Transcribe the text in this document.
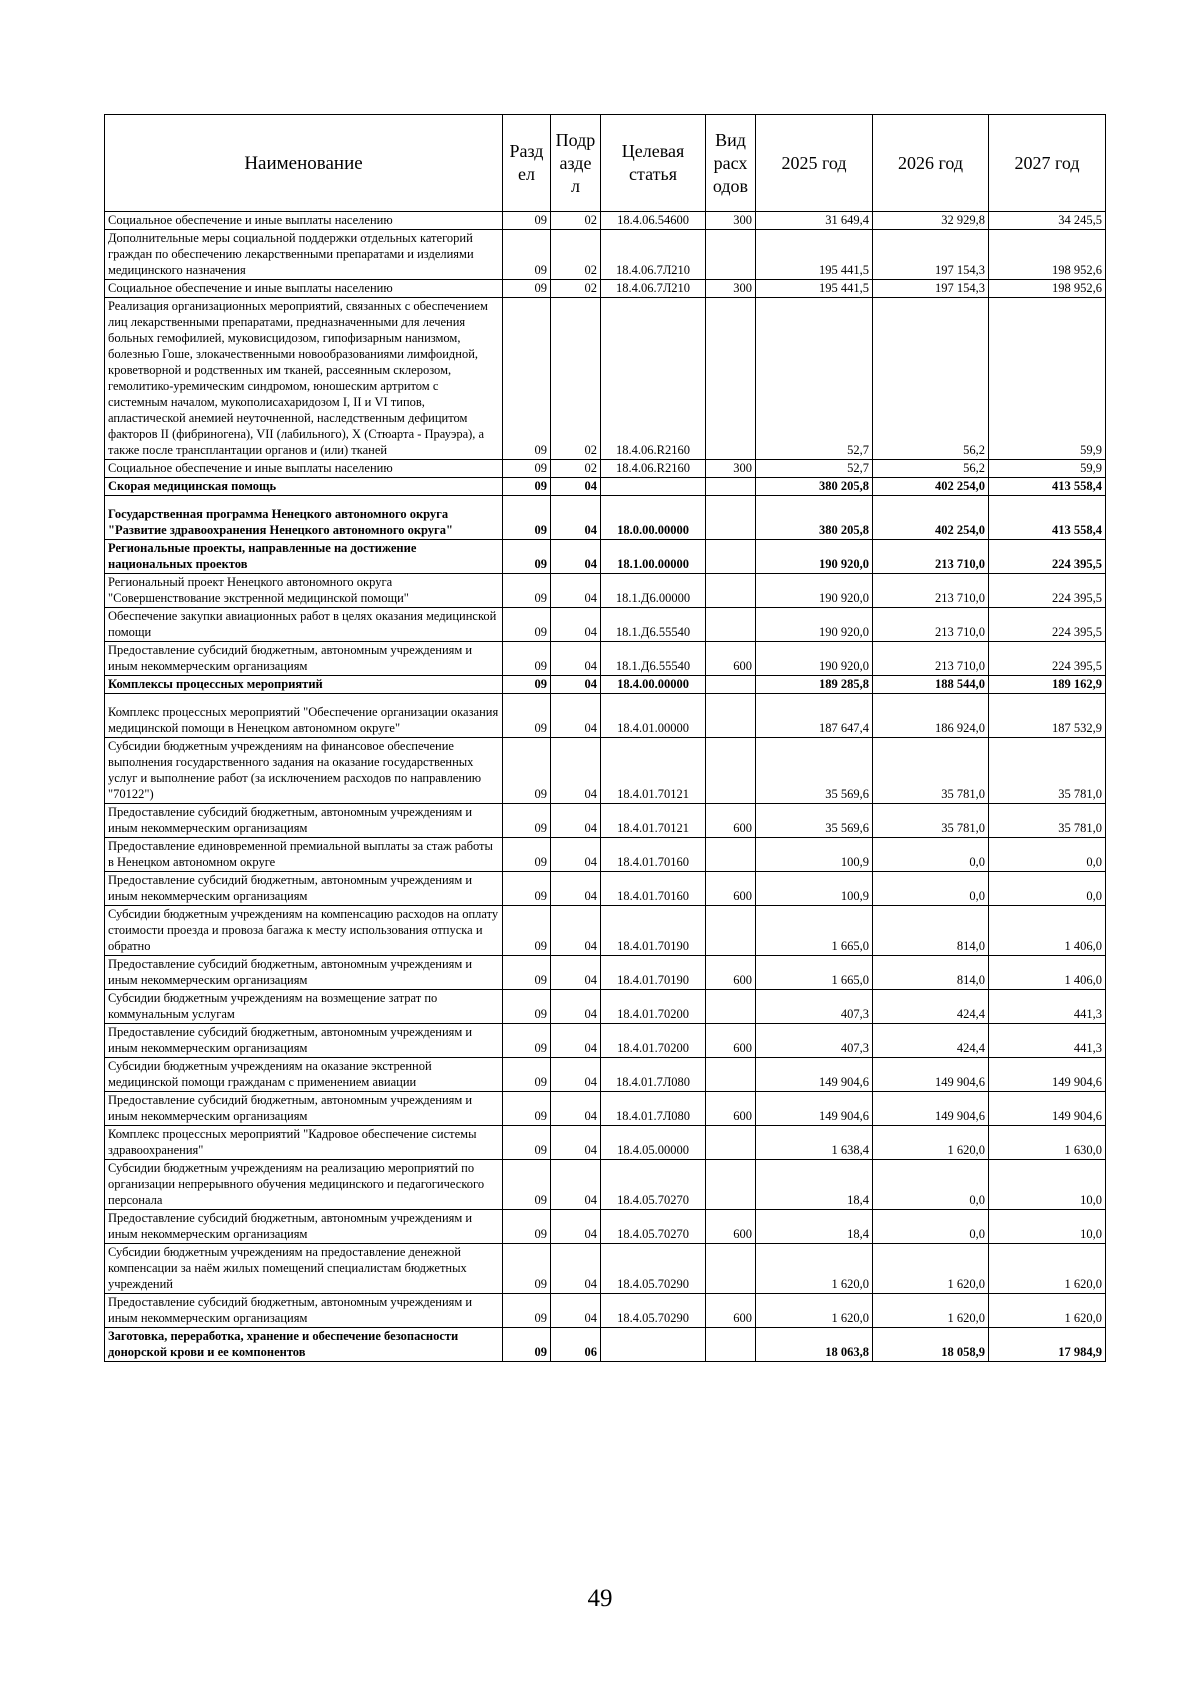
Наименование	Разд ел	Подр азде л	Целевая статья	Вид расх одов	2025 год	2026 год	2027 год
Социальное обеспечение и иные выплаты населению	09	02	18.4.06.54600	300	31 649,4	32 929,8	34 245,5
Дополнительные меры социальной поддержки отдельных категорий граждан по обеспечению лекарственными препаратами и изделиями медицинского назначения	09	02	18.4.06.7Л210		195 441,5	197 154,3	198 952,6
Социальное обеспечение и иные выплаты населению	09	02	18.4.06.7Л210	300	195 441,5	197 154,3	198 952,6
Реализация организационных мероприятий, связанных с обеспечением лиц лекарственными препаратами, предназначенными для лечения больных гемофилией, муковисцидозом, гипофизарным нанизмом, болезнью Гоше, злокачественными новообразованиями лимфоидной, кроветворной и родственных им тканей, рассеянным склерозом, гемолитико-уремическим синдромом, юношеским артритом с системным началом, мукополисахаридозом I, II и VI типов, апластической анемией неуточненной, наследственным дефицитом факторов II (фибриногена), VII (лабильного), X (Стюарта - Прауэра), а также после трансплантации органов и (или) тканей	09	02	18.4.06.R2160		52,7	56,2	59,9
Социальное обеспечение и иные выплаты населению	09	02	18.4.06.R2160	300	52,7	56,2	59,9
Скорая медицинская помощь	09	04			380 205,8	402 254,0	413 558,4
Государственная программа Ненецкого автономного округа "Развитие здравоохранения Ненецкого автономного округа"	09	04	18.0.00.00000		380 205,8	402 254,0	413 558,4
Региональные проекты, направленные на достижение национальных проектов	09	04	18.1.00.00000		190 920,0	213 710,0	224 395,5
Региональный проект Ненецкого автономного округа "Совершенствование экстренной медицинской помощи"	09	04	18.1.Д6.00000		190 920,0	213 710,0	224 395,5
Обеспечение закупки авиационных работ в целях оказания медицинской помощи	09	04	18.1.Д6.55540		190 920,0	213 710,0	224 395,5
Предоставление субсидий бюджетным, автономным учреждениям и иным некоммерческим организациям	09	04	18.1.Д6.55540	600	190 920,0	213 710,0	224 395,5
Комплексы процессных мероприятий	09	04	18.4.00.00000		189 285,8	188 544,0	189 162,9
Комплекс процессных мероприятий "Обеспечение организации оказания медицинской помощи в Ненецком автономном округе"	09	04	18.4.01.00000		187 647,4	186 924,0	187 532,9
Субсидии бюджетным учреждениям на финансовое обеспечение выполнения государственного задания на оказание государственных услуг и выполнение работ (за исключением расходов по направлению "70122")	09	04	18.4.01.70121		35 569,6	35 781,0	35 781,0
Предоставление субсидий бюджетным, автономным учреждениям и иным некоммерческим организациям	09	04	18.4.01.70121	600	35 569,6	35 781,0	35 781,0
Предоставление единовременной премиальной выплаты за стаж работы в Ненецком автономном округе	09	04	18.4.01.70160		100,9	0,0	0,0
Предоставление субсидий бюджетным, автономным учреждениям и иным некоммерческим организациям	09	04	18.4.01.70160	600	100,9	0,0	0,0
Субсидии бюджетным учреждениям на компенсацию расходов на оплату стоимости проезда и провоза багажа к месту использования отпуска и обратно	09	04	18.4.01.70190		1 665,0	814,0	1 406,0
Предоставление субсидий бюджетным, автономным учреждениям и иным некоммерческим организациям	09	04	18.4.01.70190	600	1 665,0	814,0	1 406,0
Субсидии бюджетным учреждениям на возмещение затрат по коммунальным услугам	09	04	18.4.01.70200		407,3	424,4	441,3
Предоставление субсидий бюджетным, автономным учреждениям и иным некоммерческим организациям	09	04	18.4.01.70200	600	407,3	424,4	441,3
Субсидии бюджетным учреждениям на оказание экстренной медицинской помощи гражданам с применением авиации	09	04	18.4.01.7Л080		149 904,6	149 904,6	149 904,6
Предоставление субсидий бюджетным, автономным учреждениям и иным некоммерческим организациям	09	04	18.4.01.7Л080	600	149 904,6	149 904,6	149 904,6
Комплекс процессных мероприятий "Кадровое обеспечение системы здравоохранения"	09	04	18.4.05.00000		1 638,4	1 620,0	1 630,0
Субсидии бюджетным учреждениям на реализацию мероприятий по организации непрерывного обучения медицинского и педагогического персонала	09	04	18.4.05.70270		18,4	0,0	10,0
Предоставление субсидий бюджетным, автономным учреждениям и иным некоммерческим организациям	09	04	18.4.05.70270	600	18,4	0,0	10,0
Субсидии бюджетным учреждениям на предоставление денежной компенсации за наём жилых помещений специалистам бюджетных учреждений	09	04	18.4.05.70290		1 620,0	1 620,0	1 620,0
Предоставление субсидий бюджетным, автономным учреждениям и иным некоммерческим организациям	09	04	18.4.05.70290	600	1 620,0	1 620,0	1 620,0
Заготовка, переработка, хранение и обеспечение безопасности донорской крови и ее компонентов	09	06			18 063,8	18 058,9	17 984,9
49
